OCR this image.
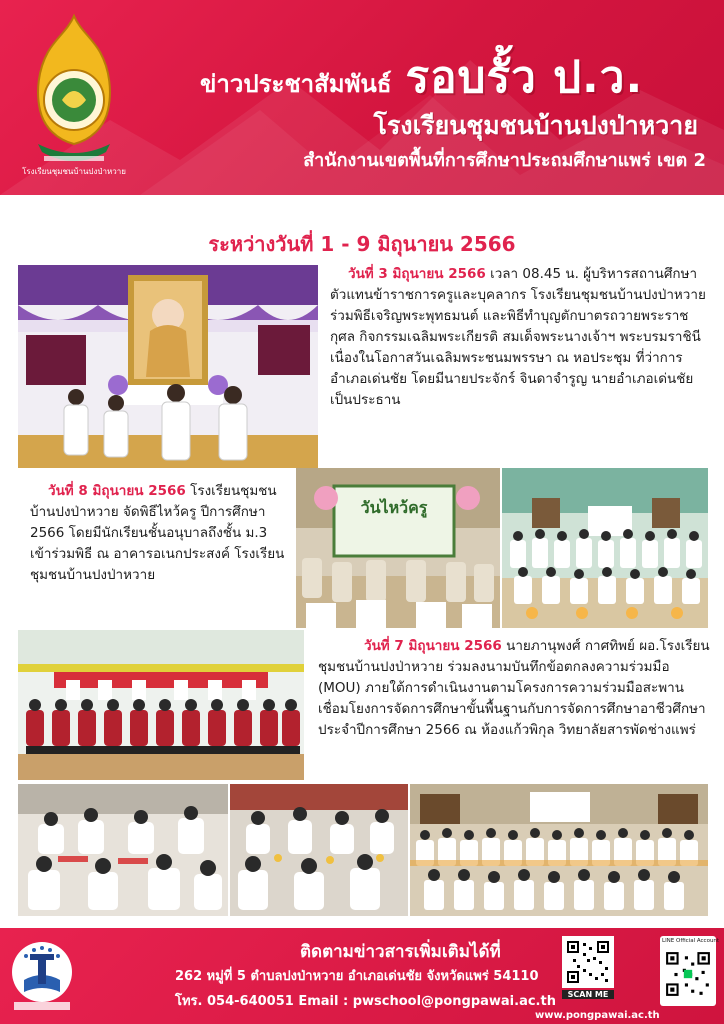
โรงเรียนชุมชนบ้านปงป่าหวาย
ข่าวประชาสัมพันธ์ รอบรั้ว ป.ว.
โรงเรียนชุมชนบ้านปงป่าหวาย
สำนักงานเขตพื้นที่การศึกษาประถมศึกษาแพร่ เขต 2
ระหว่างวันที่ 1 - 9 มิถุนายน 2566
วันที่ 3 มิถุนายน 2566 เวลา 08.45 น. ผู้บริหารสถานศึกษา ตัวแทนข้าราชการครูและบุคลากร โรงเรียนชุมชนบ้านปงป่าหวาย ร่วมพิธีเจริญพระพุทธมนต์ และพิธีทำบุญตักบาตรถวายพระราชกุศล กิจกรรมเฉลิมพระเกียรติ สมเด็จพระนางเจ้าฯ พระบรมราชินี เนื่องในโอกาสวันเฉลิมพระชนมพรรษา ณ หอประชุม ที่ว่าการอำเภอเด่นชัย โดยมีนายประจักร์ จินดาจำรูญ นายอำเภอเด่นชัย เป็นประธาน
วันที่ 8 มิถุนายน 2566 โรงเรียนชุมชนบ้านปงป่าหวาย จัดพิธีไหว้ครู ปีการศึกษา 2566 โดยมีนักเรียนชั้นอนุบาลถึงชั้น ม.3 เข้าร่วมพิธี ณ อาคารอเนกประสงค์ โรงเรียนชุมชนบ้านปงป่าหวาย
วันไหว้ครู
วันที่ 7 มิถุนายน 2566 นายภานุพงศ์ กาศทิพย์ ผอ.โรงเรียนชุมชนบ้านปงป่าหวาย ร่วมลงนามบันทึกข้อตกลงความร่วมมือ (MOU) ภายใต้การดำเนินงานตามโครงการความร่วมมือสะพานเชื่อมโยงการจัดการศึกษาขั้นพื้นฐานกับการจัดการศึกษาอาชีวศึกษา ประจำปีการศึกษา 2566 ณ ห้องแก้วพิกุล วิทยาลัยสารพัดช่างแพร่
ติดตามข่าวสารเพิ่มเติมได้ที่
262 หมู่ที่ 5 ตำบลปงป่าหวาย อำเภอเด่นชัย จังหวัดแพร่ 54110
โทร. 054-640051 Email : pwschool@pongpawai.ac.th	SCAN ME
LINE Official Account
www.pongpawai.ac.th
